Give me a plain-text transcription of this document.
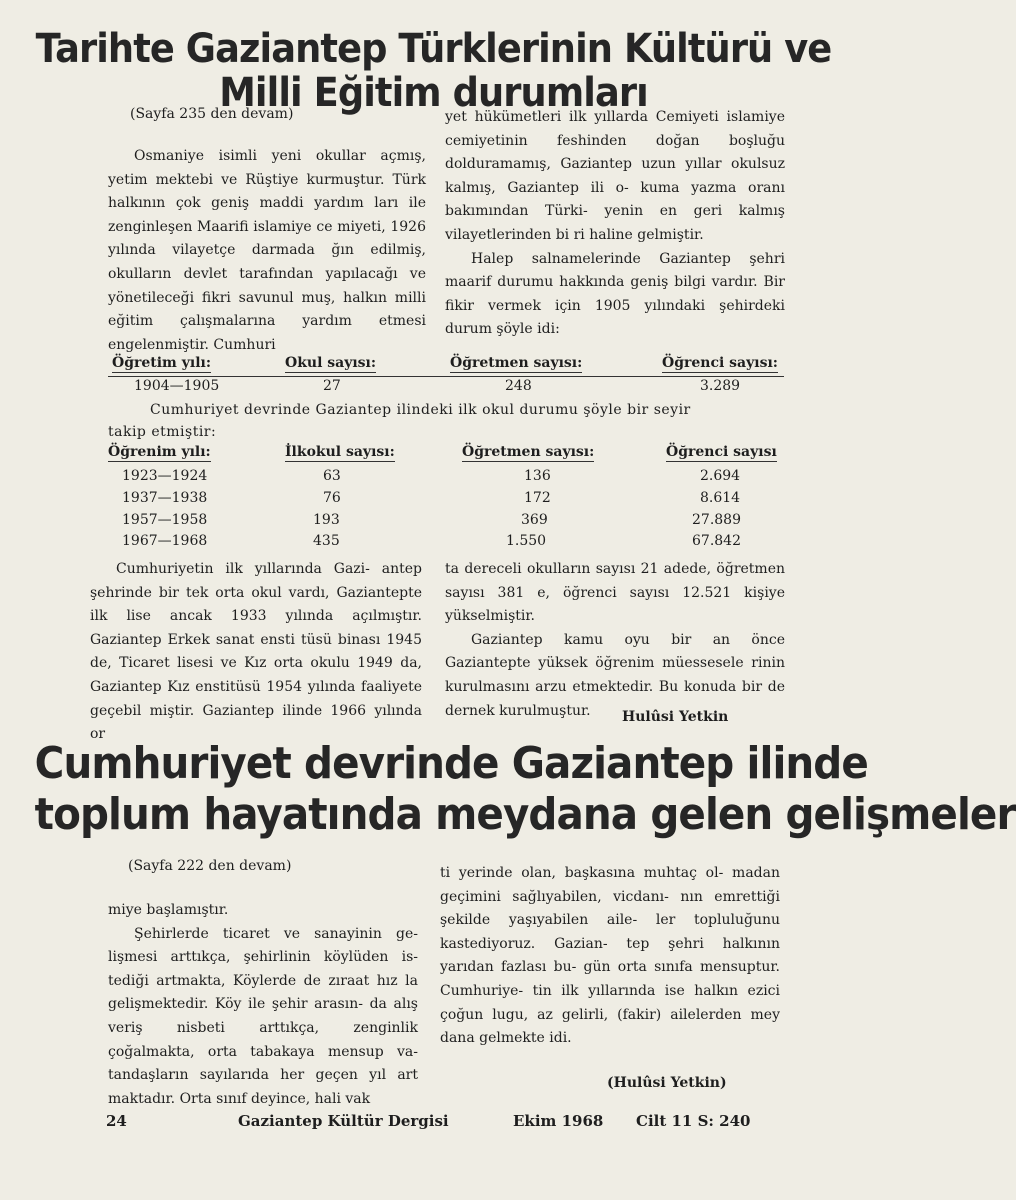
Tarihte Gaziantep Türklerinin Kültürü ve
Milli Eğitim durumları
(Sayfa 235 den devam)

Osmaniye isimli yeni okullar açmış, yetim mektebi ve Rüştiye kurmuştur. Türk halkının çok geniş maddi yardım ları ile zenginleşen Maarifi islamiye ce miyeti, 1926 yılında vilayetçe darmada ğın edilmiş, okulların devlet tarafından yapılacağı ve yönetileceği fikri savunul muş, halkın milli eğitim çalışmalarına yardım etmesi engelenmiştir. Cumhuri

yet hükümetleri ilk yıllarda Cemiyeti islamiye cemiyetinin feshinden doğan boşluğu dolduramamış, Gaziantep uzun yıllar okulsuz kalmış, Gaziantep ili o- kuma yazma oranı bakımından Türki- yenin en geri kalmış vilayetlerinden bi ri haline gelmiştir.

Halep salnamelerinde Gaziantep şehri maarif durumu hakkında geniş bilgi vardır. Bir fikir vermek için 1905 yılındaki şehirdeki durum şöyle idi:

Öğretim yılı:	Okul sayısı:	Öğretmen sayısı:	Öğrenci sayısı:
1904—1905	27	248	3.289
Cumhuriyet devrinde Gaziantep ilindeki ilk okul durumu şöyle bir seyir
takip etmiştir:
Öğrenim yılı:	İlkokul sayısı:	Öğretmen sayısı:	Öğrenci sayısı
1923—1924	63	136	2.694
1937—1938	76	172	8.614
1957—1958	193	369	27.889
1967—1968	435	1.550	67.842

Cumhuriyetin ilk yıllarında Gazi- antep şehrinde bir tek orta okul vardı, Gaziantepte ilk lise ancak 1933 yılında açılmıştır. Gaziantep Erkek sanat ensti tüsü binası 1945 de, Ticaret lisesi ve Kız orta okulu 1949 da, Gaziantep Kız enstitüsü 1954 yılında faaliyete geçebil miştir. Gaziantep ilinde 1966 yılında or

ta dereceli okulların sayısı 21 adede, öğretmen sayısı 381 e, öğrenci sayısı 12.521 kişiye yükselmiştir.

Gaziantep kamu oyu bir an önce Gaziantepte yüksek öğrenim müessesele rinin kurulmasını arzu etmektedir. Bu konuda bir de dernek kurulmuştur.	Hulûsi Yetkin
Cumhuriyet devrinde Gaziantep ilinde
toplum hayatında meydana gelen gelişmeler
(Sayfa 222 den devam)

miye başlamıştır.

Şehirlerde ticaret ve sanayinin ge- lişmesi arttıkça, şehirlinin köylüden is- tediği artmakta, Köylerde de zıraat hız la gelişmektedir. Köy ile şehir arasın- da alış veriş nisbeti arttıkça, zenginlik çoğalmakta, orta tabakaya mensup va- tandaşların sayılarıda her geçen yıl art maktadır. Orta sınıf deyince, hali vak

ti yerinde olan, başkasına muhtaç ol- madan geçimini sağlıyabilen, vicdanı- nın emrettiği şekilde yaşıyabilen aile- ler topluluğunu kastediyoruz. Gazian- tep şehri halkının yarıdan fazlası bu- gün orta sınıfa mensuptur. Cumhuriye- tin ilk yıllarında ise halkın ezici çoğun lugu, az gelirli, (fakir) ailelerden mey dana gelmekte idi.

(Hulûsi Yetkin)
24	Gaziantep Kültür Dergisi	Ekim 1968 Cilt 11 S: 240
